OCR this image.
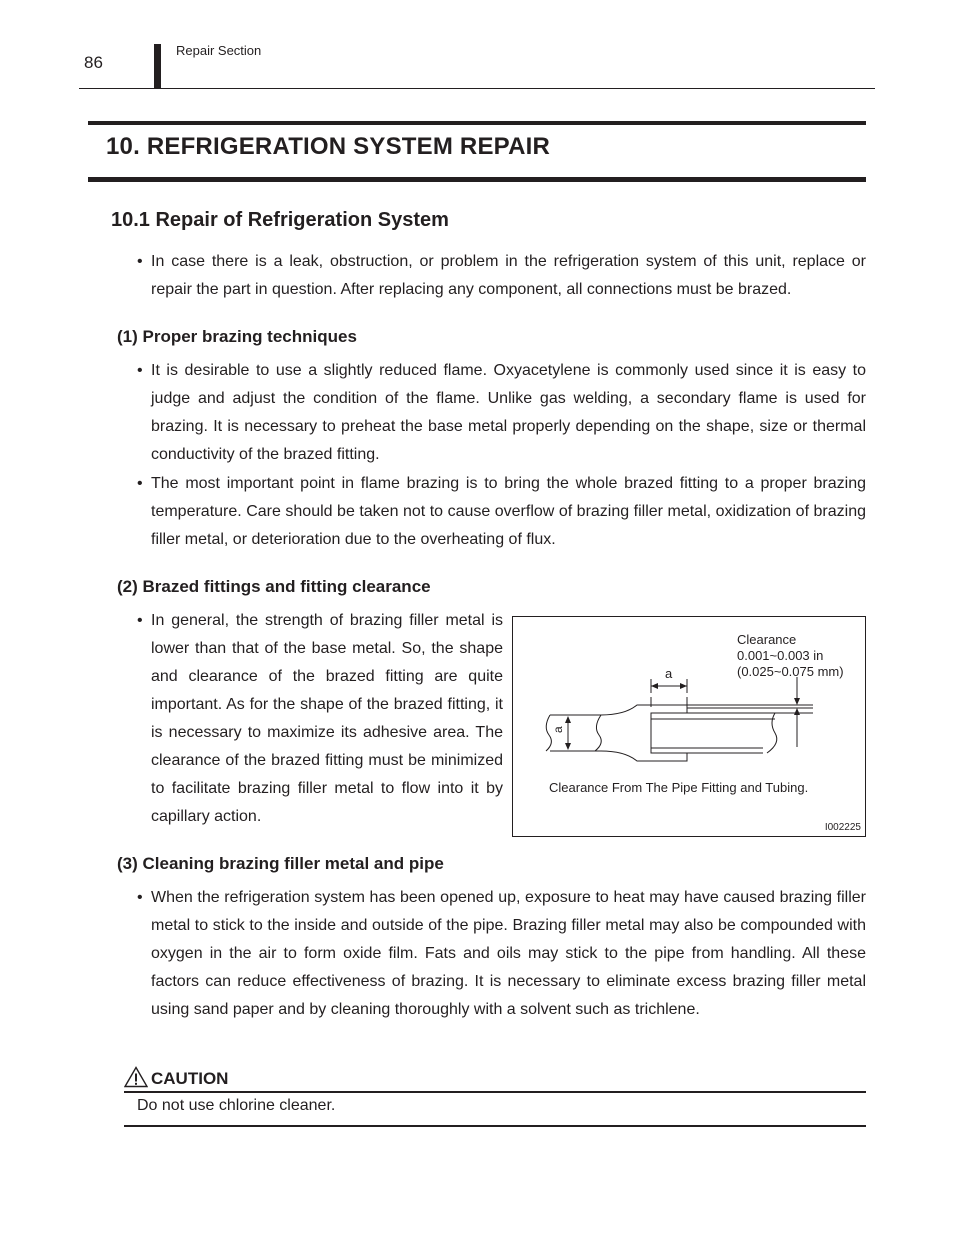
86
Repair Section
10. REFRIGERATION SYSTEM REPAIR
10.1 Repair of Refrigeration System
• In case there is a leak, obstruction, or problem in the refrigeration system of this unit, replace or repair the part in question. After replacing any component, all connections must be brazed.
(1) Proper brazing techniques
• It is desirable to use a slightly reduced flame. Oxyacetylene is commonly used since it is easy to judge and adjust the condition of the flame. Unlike gas welding, a secondary flame is used for brazing. It is necessary to preheat the base metal properly depending on the shape, size or thermal conductivity of the brazed fitting.
• The most important point in flame brazing is to bring the whole brazed fitting to a proper brazing temperature. Care should be taken not to cause overflow of brazing filler metal, oxidization of brazing filler metal, or deterioration due to the overheating of flux.
(2) Brazed fittings and fitting clearance
• In general, the strength of brazing filler metal is lower than that of the base metal. So, the shape and clearance of the brazed fitting are quite important. As for the shape of the brazed fitting, it is necessary to maximize its adhesive area. The clearance of the brazed fitting must be minimized to facilitate brazing filler metal to flow into it by capillary action.
a
Clearance
0.001~0.003 in
(0.025~0.075 mm)
a
Clearance From The Pipe Fitting and Tubing.
I002225
(3) Cleaning brazing filler metal and pipe
• When the refrigeration system has been opened up, exposure to heat may have caused brazing filler metal to stick to the inside and outside of the pipe. Brazing filler metal may also be compounded with oxygen in the air to form oxide film. Fats and oils may stick to the pipe from handling. All these factors can reduce effectiveness of brazing. It is necessary to eliminate excess brazing filler metal using sand paper and by cleaning thoroughly with a solvent such as trichlene.
CAUTION
Do not use chlorine cleaner.
